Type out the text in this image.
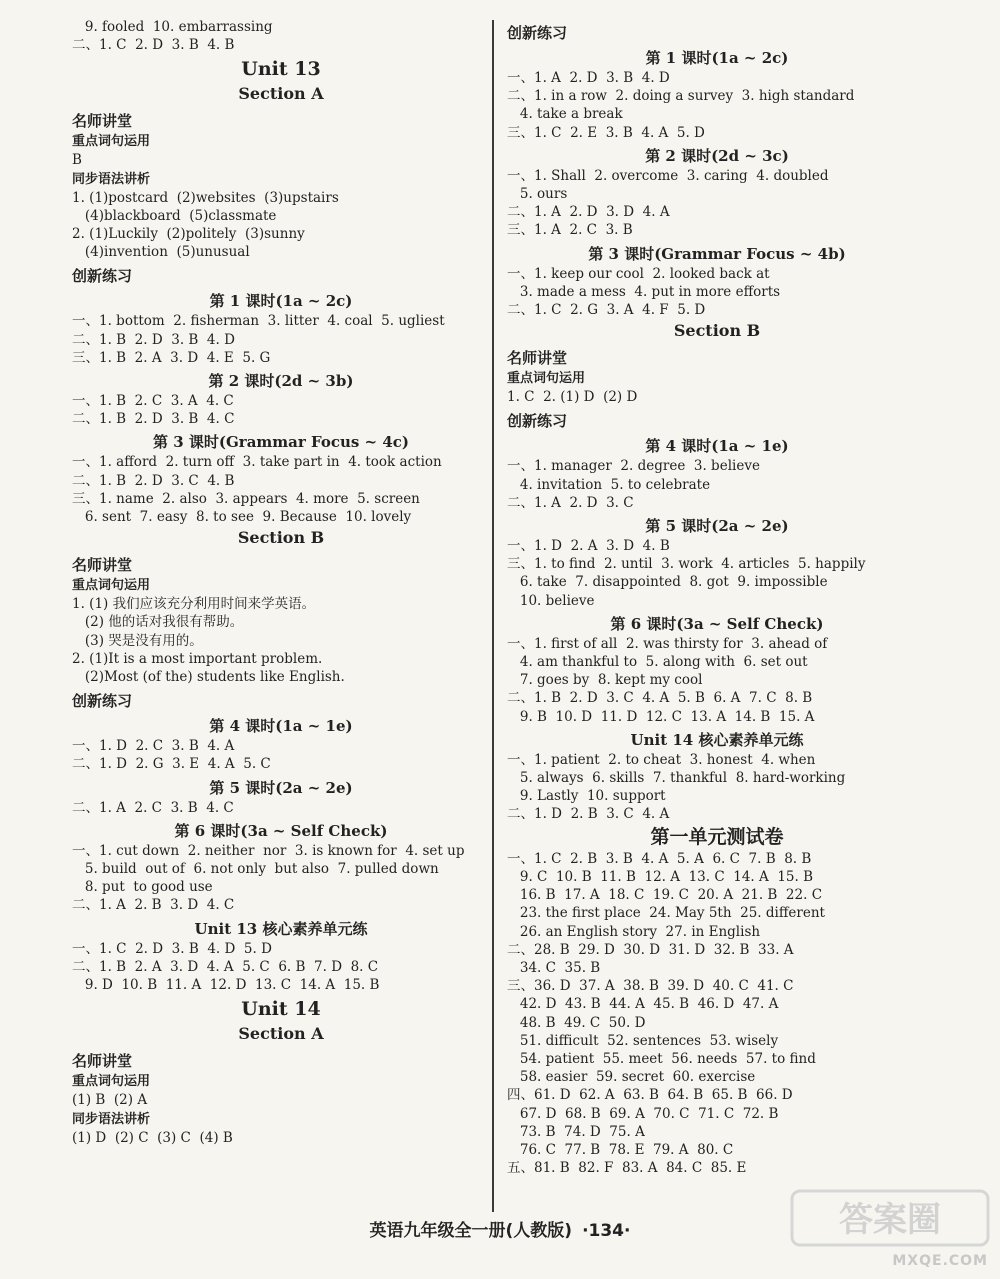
9. fooled  10. embarrassing
二、1. C  2. D  3. B  4. B
Unit 13
Section A
名师讲堂
重点词句运用
B
同步语法讲析
1. (1)postcard  (2)websites  (3)upstairs
(4)blackboard  (5)classmate
2. (1)Luckily  (2)politely  (3)sunny
(4)invention  (5)unusual
创新练习
第 1 课时(1a ~ 2c)
一、1. bottom  2. fisherman  3. litter  4. coal  5. ugliest
二、1. B  2. D  3. B  4. D
三、1. B  2. A  3. D  4. E  5. G
第 2 课时(2d ~ 3b)
一、1. B  2. C  3. A  4. C
二、1. B  2. D  3. B  4. C
第 3 课时(Grammar Focus ~ 4c)
一、1. afford  2. turn off  3. take part in  4. took action
二、1. B  2. D  3. C  4. B
三、1. name  2. also  3. appears  4. more  5. screen
6. sent  7. easy  8. to see  9. Because  10. lovely
Section B
名师讲堂
重点词句运用
1. (1) 我们应该充分利用时间来学英语。
(2) 他的话对我很有帮助。
(3) 哭是没有用的。
2. (1)It is a most important problem.
(2)Most (of the) students like English.
创新练习
第 4 课时(1a ~ 1e)
一、1. D  2. C  3. B  4. A
二、1. D  2. G  3. E  4. A  5. C
第 5 课时(2a ~ 2e)
二、1. A  2. C  3. B  4. C
第 6 课时(3a ~ Self Check)
一、1. cut down  2. neither  nor  3. is known for  4. set up
5. build  out of  6. not only  but also  7. pulled down
8. put  to good use
二、1. A  2. B  3. D  4. C
Unit 13 核心素养单元练
一、1. C  2. D  3. B  4. D  5. D
二、1. B  2. A  3. D  4. A  5. C  6. B  7. D  8. C
9. D  10. B  11. A  12. D  13. C  14. A  15. B
Unit 14
Section A
名师讲堂
重点词句运用
(1) B  (2) A
同步语法讲析
(1) D  (2) C  (3) C  (4) B
创新练习
第 1 课时(1a ~ 2c)
一、1. A  2. D  3. B  4. D
二、1. in a row  2. doing a survey  3. high standard
4. take a break
三、1. C  2. E  3. B  4. A  5. D
第 2 课时(2d ~ 3c)
一、1. Shall  2. overcome  3. caring  4. doubled
5. ours
二、1. A  2. D  3. D  4. A
三、1. A  2. C  3. B
第 3 课时(Grammar Focus ~ 4b)
一、1. keep our cool  2. looked back at
3. made a mess  4. put in more efforts
二、1. C  2. G  3. A  4. F  5. D
Section B
名师讲堂
重点词句运用
1. C  2. (1) D  (2) D
创新练习
第 4 课时(1a ~ 1e)
一、1. manager  2. degree  3. believe
4. invitation  5. to celebrate
二、1. A  2. D  3. C
第 5 课时(2a ~ 2e)
一、1. D  2. A  3. D  4. B
三、1. to find  2. until  3. work  4. articles  5. happily
6. take  7. disappointed  8. got  9. impossible
10. believe
第 6 课时(3a ~ Self Check)
一、1. first of all  2. was thirsty for  3. ahead of
4. am thankful to  5. along with  6. set out
7. goes by  8. kept my cool
二、1. B  2. D  3. C  4. A  5. B  6. A  7. C  8. B
9. B  10. D  11. D  12. C  13. A  14. B  15. A
Unit 14 核心素养单元练
一、1. patient  2. to cheat  3. honest  4. when
5. always  6. skills  7. thankful  8. hard-working
9. Lastly  10. support
二、1. D  2. B  3. C  4. A
第一单元测试卷
一、1. C  2. B  3. B  4. A  5. A  6. C  7. B  8. B
9. C  10. B  11. B  12. A  13. C  14. A  15. B
16. B  17. A  18. C  19. C  20. A  21. B  22. C
23. the first place  24. May 5th  25. different
26. an English story  27. in English
二、28. B  29. D  30. D  31. D  32. B  33. A
34. C  35. B
三、36. D  37. A  38. B  39. D  40. C  41. C
42. D  43. B  44. A  45. B  46. D  47. A
48. B  49. C  50. D
51. difficult  52. sentences  53. wisely
54. patient  55. meet  56. needs  57. to find
58. easier  59. secret  60. exercise
四、61. D  62. A  63. B  64. B  65. B  66. D
67. D  68. B  69. A  70. C  71. C  72. B
73. B  74. D  75. A
76. C  77. B  78. E  79. A  80. C
五、81. B  82. F  83. A  84. C  85. E
英语九年级全一册(人教版) ·134·	答案圈
MXQE.COM
